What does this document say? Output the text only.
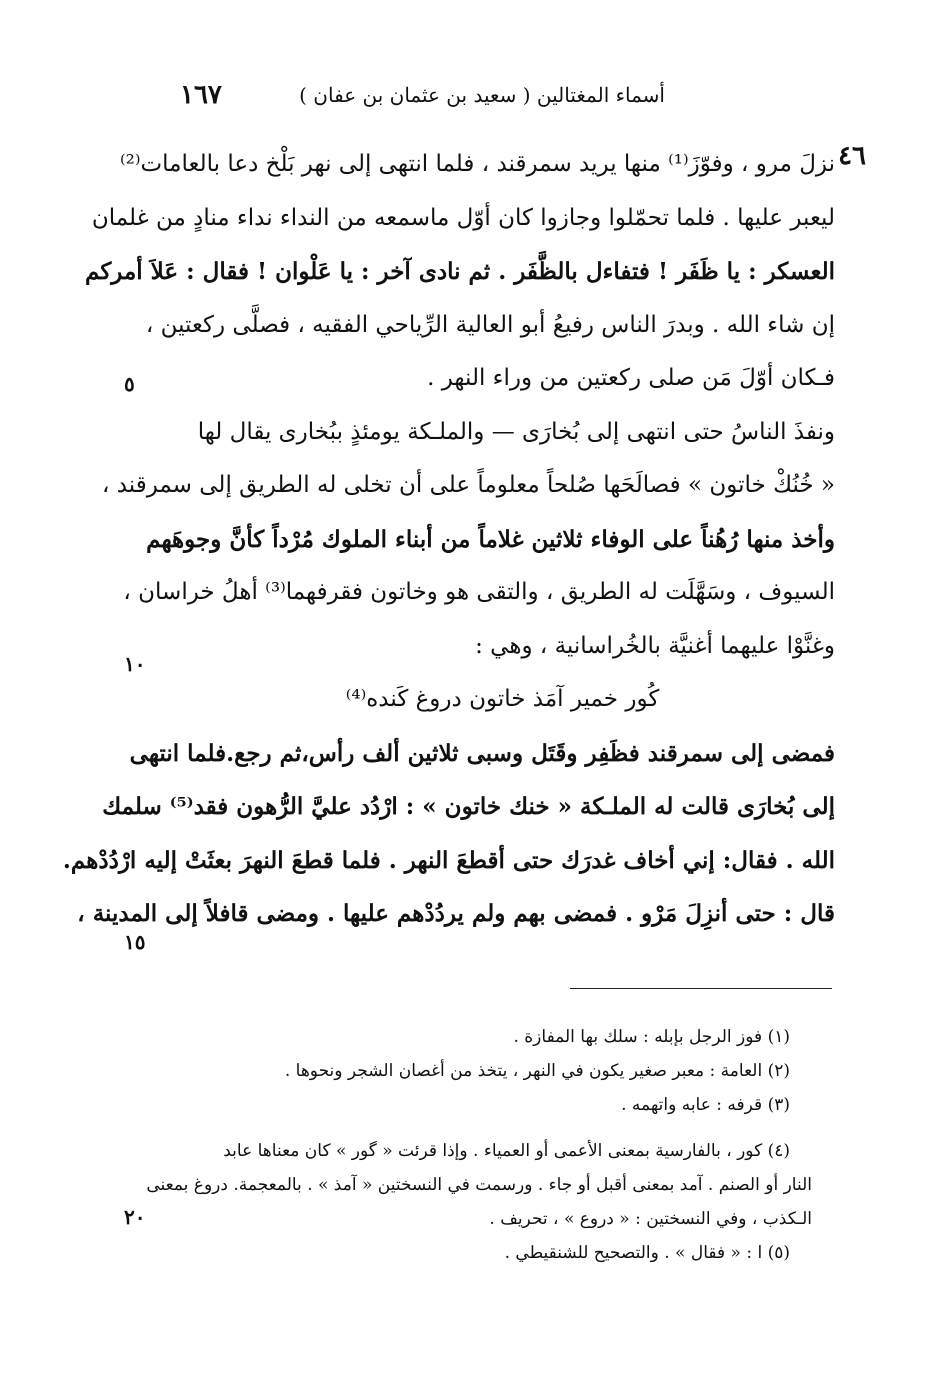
١٦٧	أسماء المغتالين ( سعيد بن عثمان بن عفان )
٤٦
نزلَ مرو ، وفوّزَ⁽¹⁾ منها يريد سمرقند ، فلما انتهى إلى نهر بَلْخ دعا بالعامات⁽²⁾
ليعبر عليها . فلما تحمّلوا وجازوا كان أوّل ماسمعه من النداء نداء منادٍ من غلمان
العسكر : يا ظَفَر ! فتفاءل بالظَّفَر . ثم نادى آخر : يا عَلْوان ! فقال : عَلاَ أمركم
إن شاء الله . وبدرَ الناس رفيعُ أبو العالية الرِّياحي الفقيه ، فصلَّى ركعتين ،
فـكان أوّلَ مَن صلى ركعتين من وراء النهر .
ونفذَ الناسُ حتى انتهى إلى بُخارَى — والملـكة يومئذٍ ببُخارى يقال لها
« خُنُكْ خاتون » فصالَحَها صُلحاً معلوماً على أن تخلى له الطريق إلى سمرقند ،
وأخذ منها رُهُناً على الوفاء ثلاثين غلاماً من أبناء الملوك مُرْداً كأنَّ وجوهَهم
السيوف ، وسَهَّلَت له الطريق ، والتقى هو وخاتون فقرفهما⁽³⁾ أهلُ خراسان ،
وغنَّوْا عليهما أغنيَّة بالخُراسانية ، وهي :
كُور خمير آمَذ خاتون دروغ كَنده⁽⁴⁾
فمضى إلى سمرقند فظَفِر وقَتَل وسبى ثلاثين ألف رأس،ثم رجع.فلما انتهى
إلى بُخارَى قالت له الملـكة « خنك خاتون » : ارْدُد عليَّ الرُّهون فقد⁽⁵⁾ سلمك
الله . فقال: إني أخاف غدرَك حتى أقطعَ النهر . فلما قطعَ النهرَ بعثَتْ إليه ارْدُدْهم.
قال : حتى أنزِلَ مَرْو . فمضى بهم ولم يردُدْهم عليها . ومضى قافلاً إلى المدينة ،
٥
١٠
١٥
٢٠
(١) فوز الرجل بإبله : سلك بها المفازة .
(٢) العامة : معبر صغير يكون في النهر ، يتخذ من أغصان الشجر ونحوها .
(٣) قرفه : عابه واتهمه .
(٤) كور ، بالفارسية بمعنى الأعمى أو العمياء . وإذا قرئت « گور » كان معناها عابد
النار أو الصنم . آمد بمعنى أقبل أو جاء . ورسمت في النسختين « آمذ » . بالمعجمة. دروغ بمعنى
الـكذب ، وفي النسختين : « دروع » ، تحريف .
(٥) ا : « فقال » . والتصحيح للشنقيطي .
